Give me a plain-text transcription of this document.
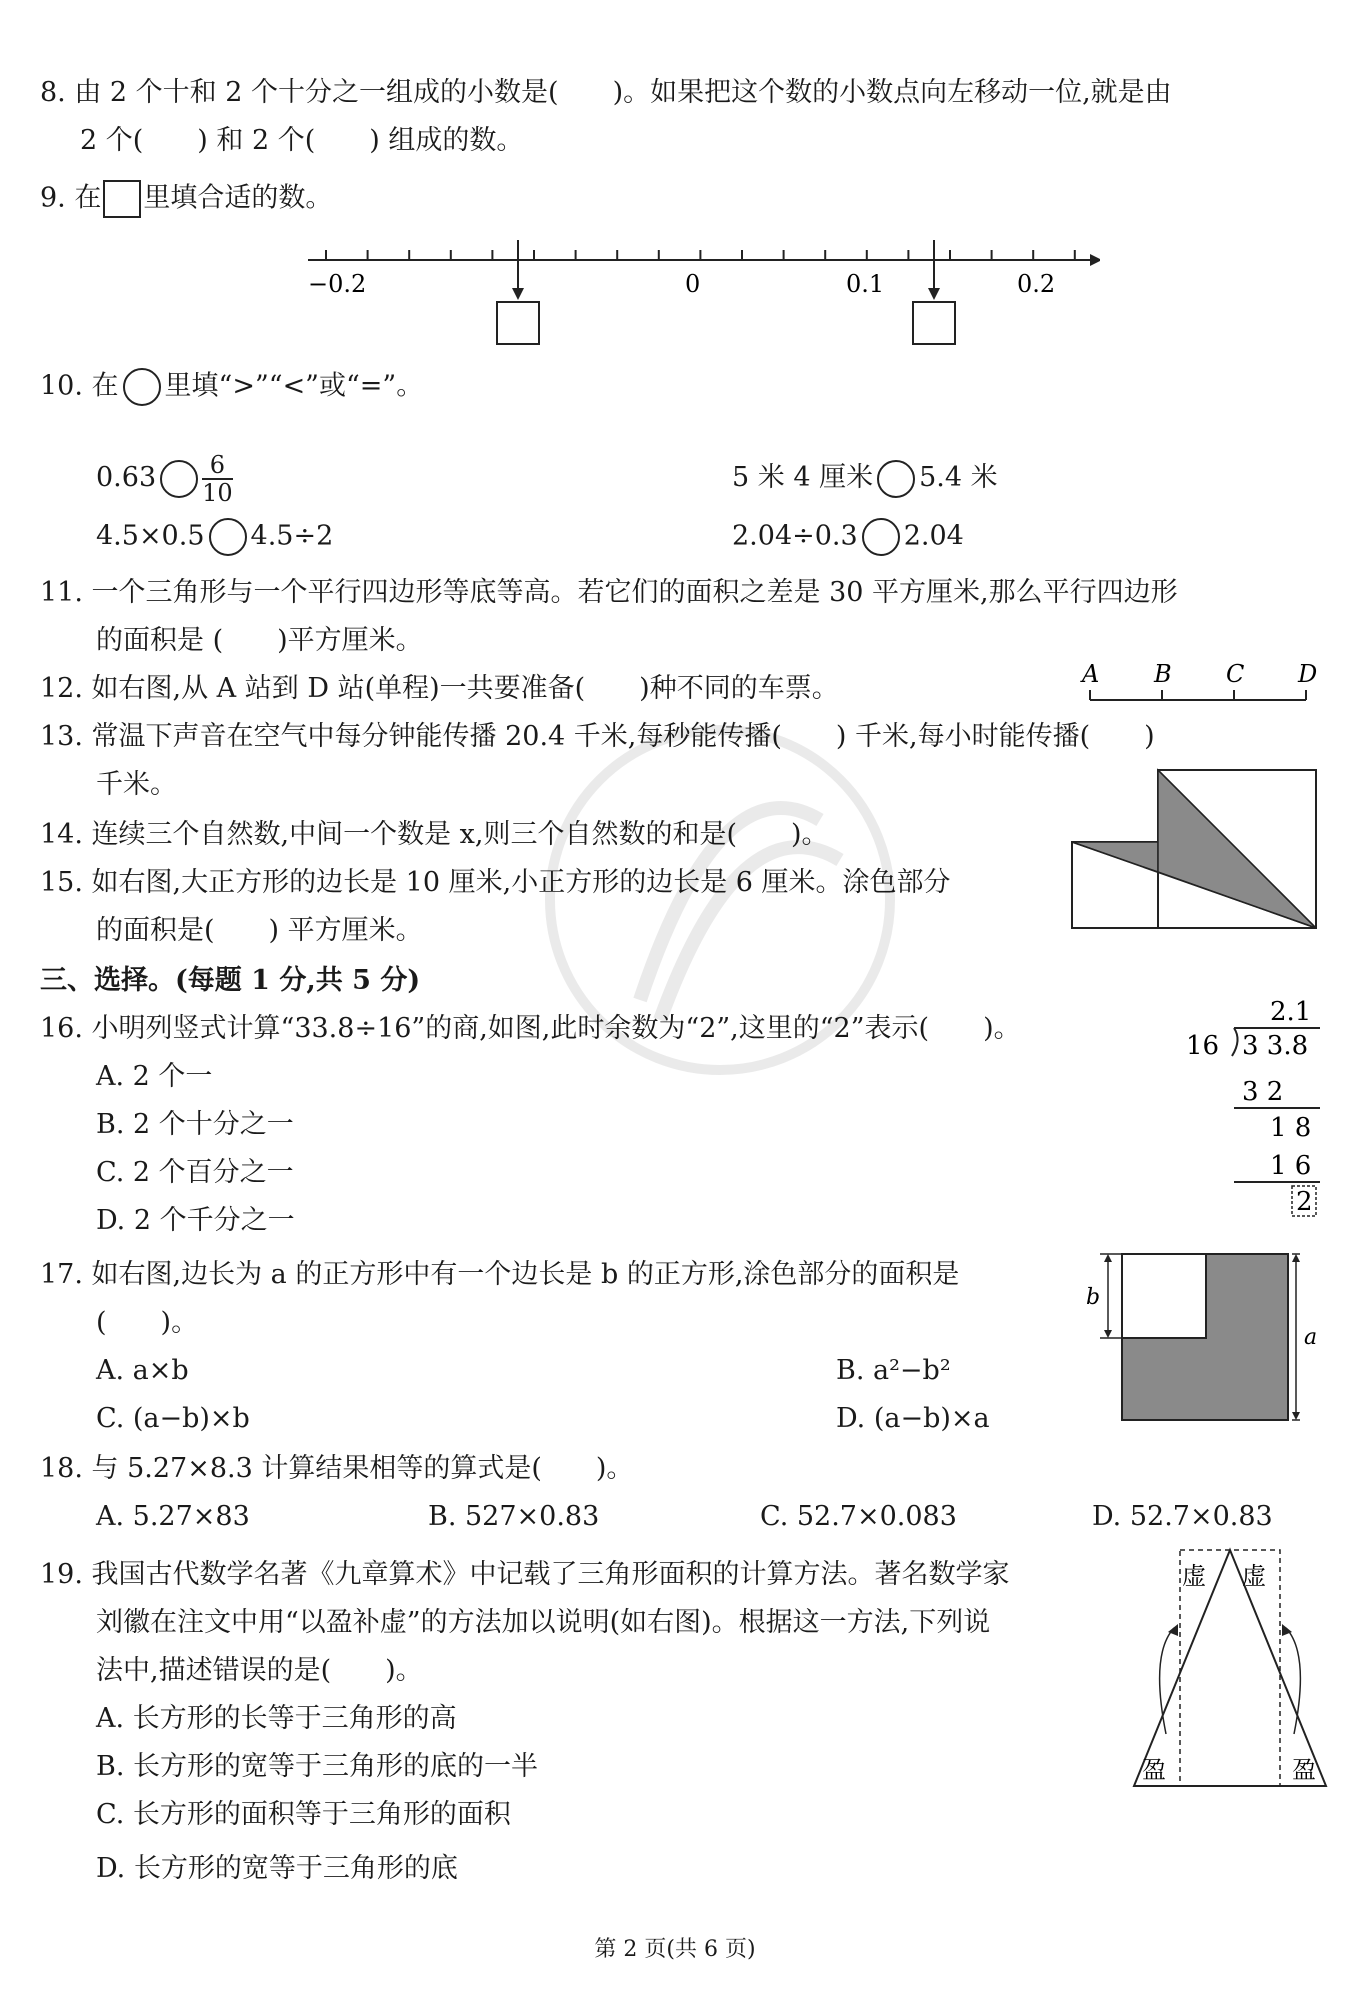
8. 由 2 个十和 2 个十分之一组成的小数是(　　)。如果把这个数的小数点向左移动一位,就是由
2 个(　　) 和 2 个(　　) 组成的数。
9. 在 里填合适的数。
−0.2	0	0.1	0.2
10. 在 里填“>”“<”或“=”。
$0.63 \frac{6}{10}$	5 米 4 厘米 5.4 米
4.5×0.5 4.5÷2	2.04÷0.3 2.04
11. 一个三角形与一个平行四边形等底等高。若它们的面积之差是 30 平方厘米,那么平行四边形
的面积是 (　　)平方厘米。
12. 如右图,从 A 站到 D 站(单程)一共要准备(　　)种不同的车票。	A B C D
13. 常温下声音在空气中每分钟能传播 20.4 千米,每秒能传播(　　) 千米,每小时能传播(　　)
千米。
14. 连续三个自然数,中间一个数是 x,则三个自然数的和是(　　)。
15. 如右图,大正方形的边长是 10 厘米,小正方形的边长是 6 厘米。涂色部分
的面积是(　　) 平方厘米。
三、选择。(每题 1 分,共 5 分)
16. 小明列竖式计算“33.8÷16”的商,如图,此时余数为“2”,这里的“2”表示(　　)。
A. 2 个一
B. 2 个十分之一
C. 2 个百分之一
D. 2 个千分之一
2.1
16 3 3.8
3 2
1 8
1 6
2
17. 如右图,边长为 a 的正方形中有一个边长是 b 的正方形,涂色部分的面积是
(　　)。
A. a×b	B. a²−b²
C. (a−b)×b	D. (a−b)×a
b
a
18. 与 5.27×8.3 计算结果相等的算式是(　　)。
A. 5.27×83	B. 527×0.83	C. 52.7×0.083	D. 52.7×0.83
19. 我国古代数学名著《九章算术》中记载了三角形面积的计算方法。著名数学家
刘徽在注文中用“以盈补虚”的方法加以说明(如右图)。根据这一方法,下列说
法中,描述错误的是(　　)。
A. 长方形的长等于三角形的高
B. 长方形的宽等于三角形的底的一半
C. 长方形的面积等于三角形的面积
D. 长方形的宽等于三角形的底
虚 虚
盈	盈
第 2 页(共 6 页)
